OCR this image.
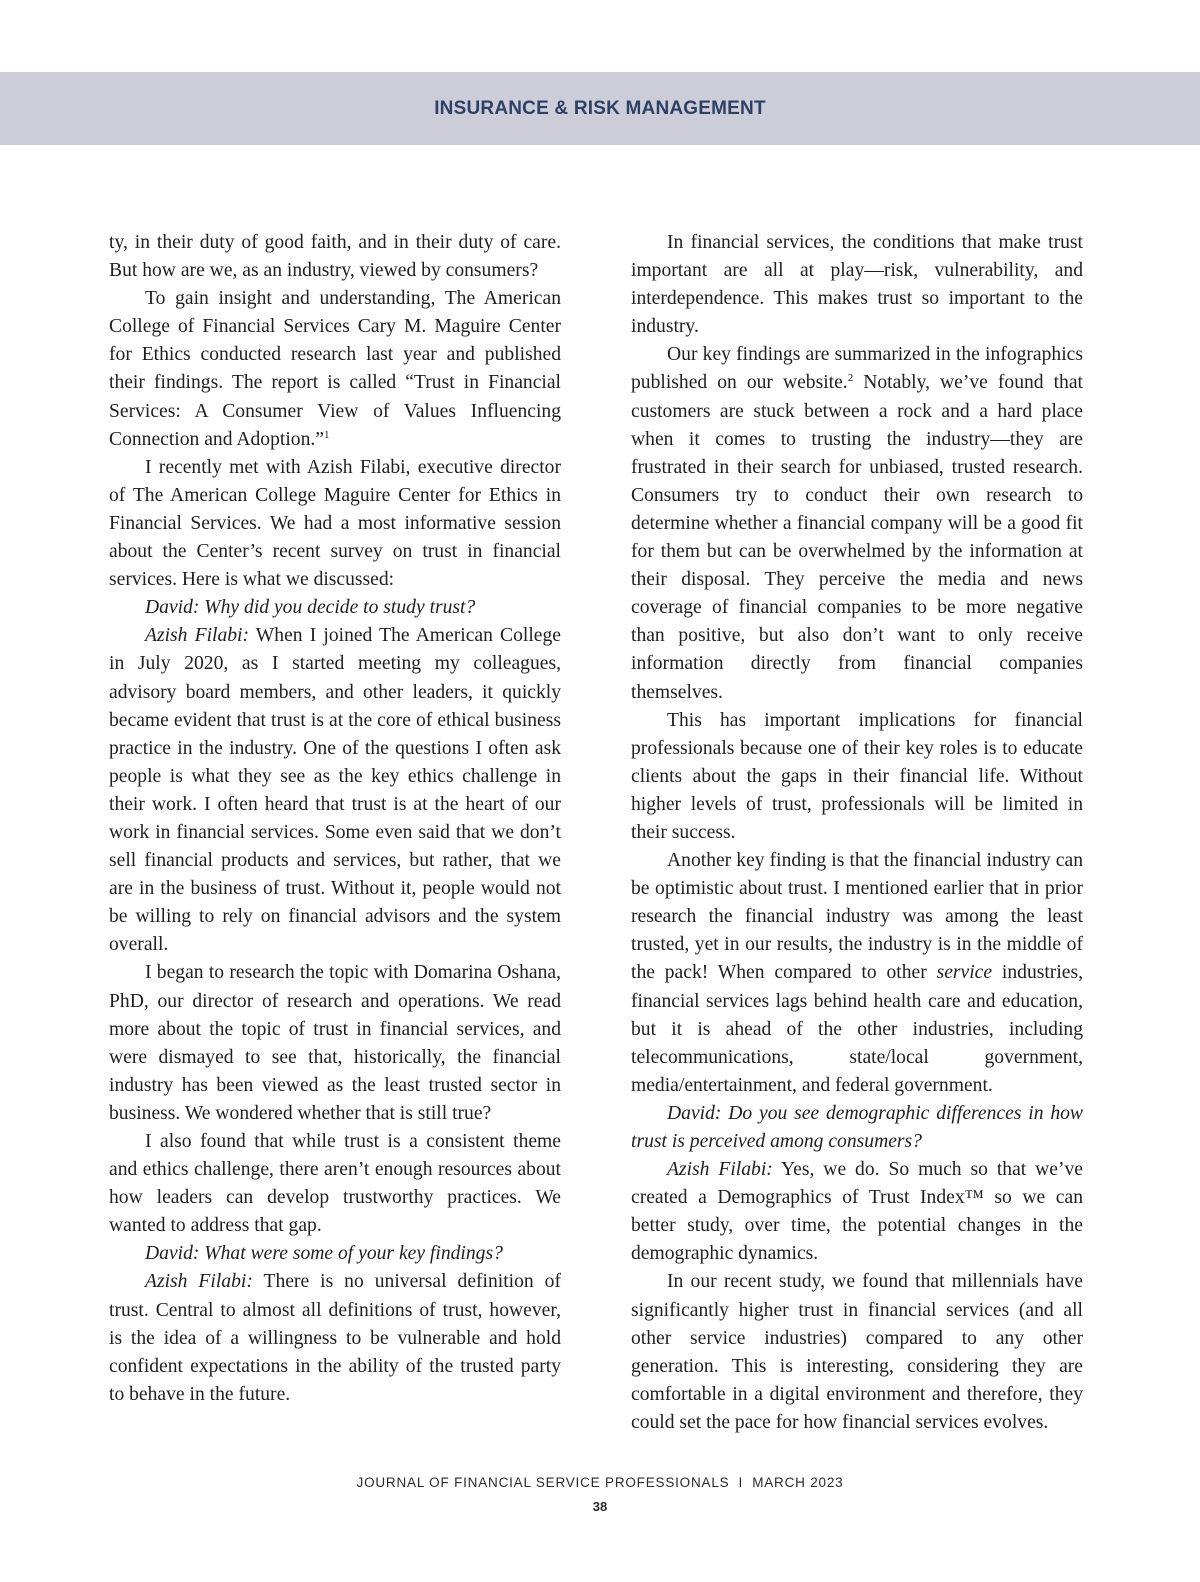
INSURANCE & RISK MANAGEMENT

ty, in their duty of good faith, and in their duty of care. But how are we, as an industry, viewed by consumers?

To gain insight and understanding, The American College of Financial Services Cary M. Maguire Center for Ethics conducted research last year and published their findings. The report is called “Trust in Financial Services: A Consumer View of Values Influencing Connection and Adoption.”$^1$

I recently met with Azish Filabi, executive director of The American College Maguire Center for Ethics in Financial Services. We had a most informative session about the Center’s recent survey on trust in financial services. Here is what we discussed:

David: Why did you decide to study trust?

Azish Filabi: When I joined The American College in July 2020, as I started meeting my colleagues, advisory board members, and other leaders, it quickly became evident that trust is at the core of ethical business practice in the industry. One of the questions I often ask people is what they see as the key ethics challenge in their work. I often heard that trust is at the heart of our work in financial services. Some even said that we don’t sell financial products and services, but rather, that we are in the business of trust. Without it, people would not be willing to rely on financial advisors and the system overall.

I began to research the topic with Domarina Oshana, PhD, our director of research and operations. We read more about the topic of trust in financial services, and were dismayed to see that, historically, the financial industry has been viewed as the least trusted sector in business. We wondered whether that is still true?

I also found that while trust is a consistent theme and ethics challenge, there aren’t enough resources about how leaders can develop trustworthy practices. We wanted to address that gap.

David: What were some of your key findings?

Azish Filabi: There is no universal definition of trust. Central to almost all definitions of trust, however, is the idea of a willingness to be vulnerable and hold confident expectations in the ability of the trusted party to behave in the future.

In financial services, the conditions that make trust important are all at play—risk, vulnerability, and interdependence. This makes trust so important to the industry.

Our key findings are summarized in the infographics published on our website.$^2$ Notably, we’ve found that customers are stuck between a rock and a hard place when it comes to trusting the industry—they are frustrated in their search for unbiased, trusted research. Consumers try to conduct their own research to determine whether a financial company will be a good fit for them but can be overwhelmed by the information at their disposal. They perceive the media and news coverage of financial companies to be more negative than positive, but also don’t want to only receive information directly from financial companies themselves.

This has important implications for financial professionals because one of their key roles is to educate clients about the gaps in their financial life. Without higher levels of trust, professionals will be limited in their success.

Another key finding is that the financial industry can be optimistic about trust. I mentioned earlier that in prior research the financial industry was among the least trusted, yet in our results, the industry is in the middle of the pack! When compared to other service industries, financial services lags behind health care and education, but it is ahead of the other industries, including telecommunications, state/local government, media/entertainment, and federal government.

David: Do you see demographic differences in how trust is perceived among consumers?

Azish Filabi: Yes, we do. So much so that we’ve created a Demographics of Trust Index™ so we can better study, over time, the potential changes in the demographic dynamics.

In our recent study, we found that millennials have significantly higher trust in financial services (and all other service industries) compared to any other generation. This is interesting, considering they are comfortable in a digital environment and therefore, they could set the pace for how financial services evolves.

JOURNAL OF FINANCIAL SERVICE PROFESSIONALS  I  MARCH 2023
38
